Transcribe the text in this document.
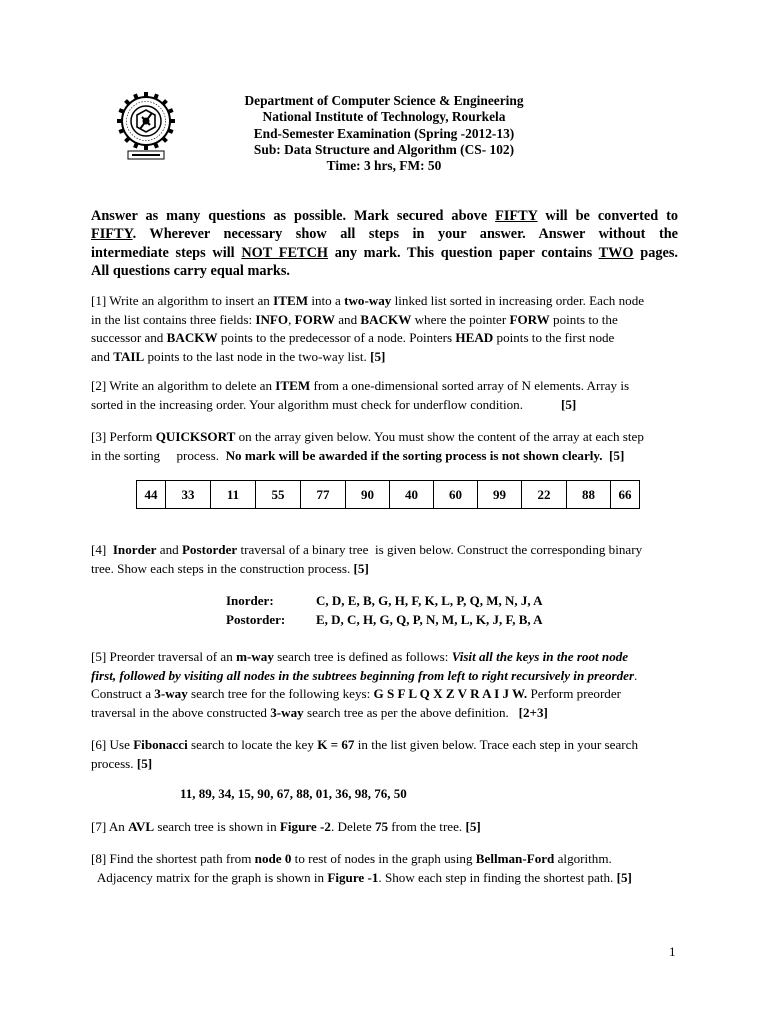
Department of Computer Science & Engineering
National Institute of Technology, Rourkela
End-Semester Examination (Spring -2012-13)
Sub: Data Structure and Algorithm (CS- 102)
Time: 3 hrs, FM: 50
Answer as many questions as possible. Mark secured above FIFTY will be converted to
FIFTY. Wherever necessary show all steps in your answer. Answer without the
intermediate steps will NOT FETCH any mark. This question paper contains TWO pages.
All questions carry equal marks.
[1] Write an algorithm to insert an ITEM into a two-way linked list sorted in increasing order. Each node
in the list contains three fields: INFO, FORW and BACKW where the pointer FORW points to the
successor and BACKW points to the predecessor of a node. Pointers HEAD points to the first node
and TAIL points to the last node in the two-way list. [5]
[2] Write an algorithm to delete an ITEM from a one-dimensional sorted array of N elements. Array is
sorted in the increasing order. Your algorithm must check for underflow condition.	[5]
[3] Perform QUICKSORT on the array given below. You must show the content of the array at each step
in the sorting     process.  No mark will be awarded if the sorting process is not shown clearly.  [5]
44	33	11	55	77	90	40	60	99	22	88	66
[4]  Inorder and Postorder traversal of a binary tree  is given below. Construct the corresponding binary
tree. Show each steps in the construction process. [5]
Inorder:	C, D, E, B, G, H, F, K, L, P, Q, M, N, J, A
Postorder:	E, D, C, H, G, Q, P, N, M, L, K, J, F, B, A
[5] Preorder traversal of an m-way search tree is defined as follows: Visit all the keys in the root node
first, followed by visiting all nodes in the subtrees beginning from left to right recursively in preorder.
Construct a 3-way search tree for the following keys: G S F L Q X Z V R A I J W. Perform preorder
traversal in the above constructed 3-way search tree as per the above definition.   [2+3]
[6] Use Fibonacci search to locate the key K = 67 in the list given below. Trace each step in your search
process. [5]
11, 89, 34, 15, 90, 67, 88, 01, 36, 98, 76, 50
[7] An AVL search tree is shown in Figure -2. Delete 75 from the tree. [5]
[8] Find the shortest path from node 0 to rest of nodes in the graph using Bellman-Ford algorithm.
Adjacency matrix for the graph is shown in Figure -1. Show each step in finding the shortest path. [5]
1
